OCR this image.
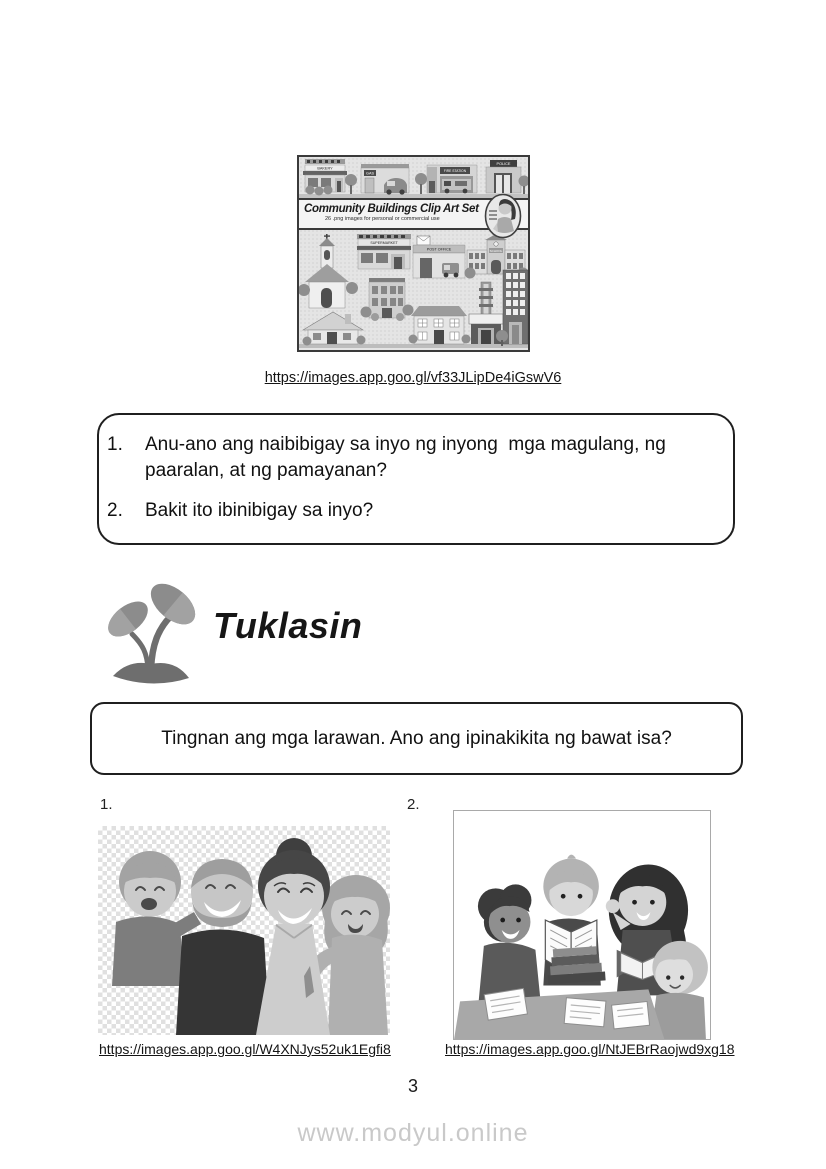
BAKERY
GAS
FIRE STATION
POLICE
Community Buildings Clip Art Set
26 .png images for personal or commercial use
SUPERMARKET
POST OFFICE	SCHOOL
https://images.app.goo.gl/vf33JLipDe4iGswV6
1.	Anu-ano ang naibibigay sa inyo ng inyong  mga magulang, ng paaralan, at ng pamayanan?
2.	Bakit ito ibinibigay sa inyo?
Tuklasin
Tingnan ang mga larawan. Ano ang ipinakikita ng bawat isa?
1.	2.
https://images.app.goo.gl/W4XNJys52uk1Egfi8	https://images.app.goo.gl/NtJEBrRaojwd9xg18
3
www.modyul.online
